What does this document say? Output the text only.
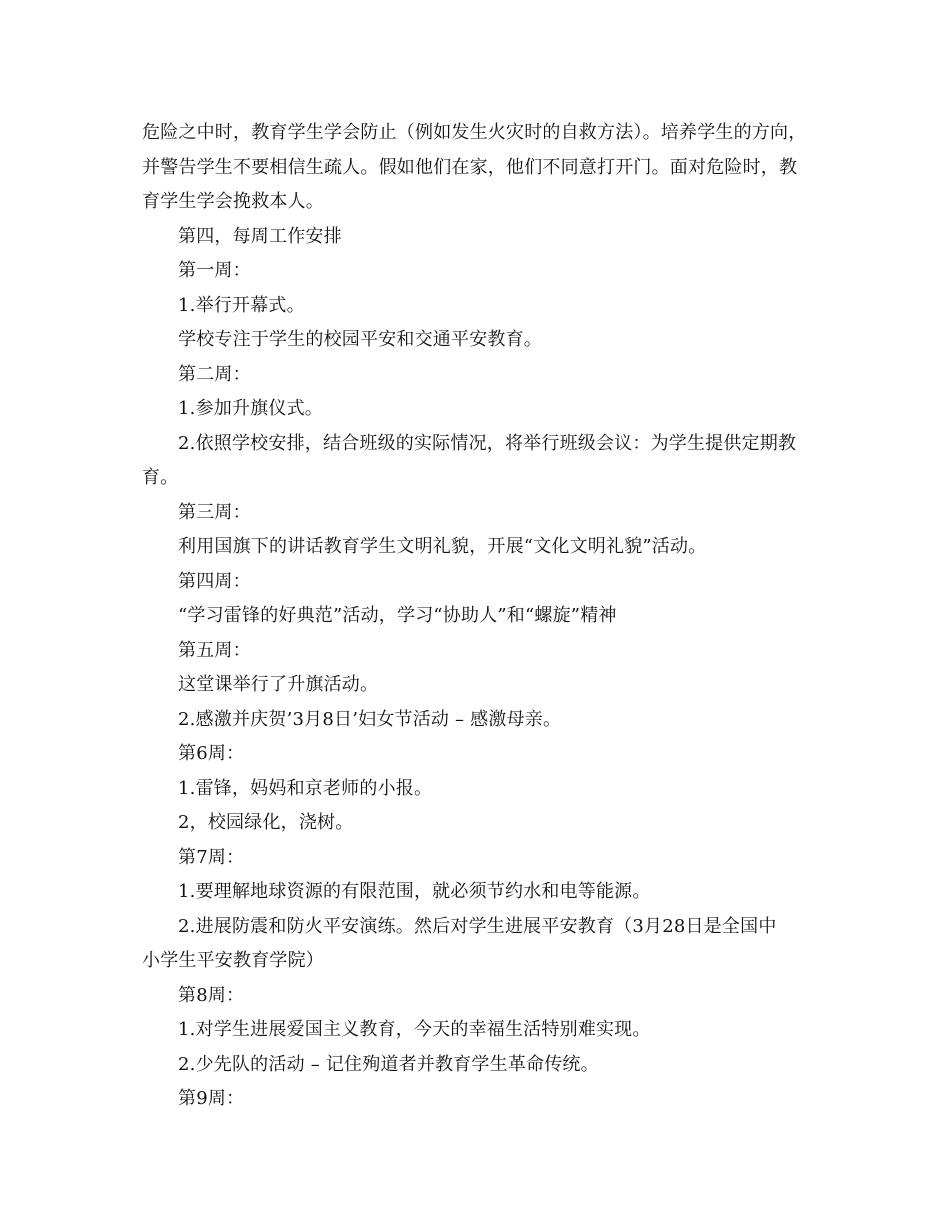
危险之中时，教育学生学会防止（例如发生火灾时的自救方法）。培养学生的方向，
并警告学生不要相信生疏人。假如他们在家，他们不同意打开门。面对危险时，教
育学生学会挽救本人。
第四，每周工作安排
第一周：
1.举行开幕式。
学校专注于学生的校园平安和交通平安教育。
第二周：
1.参加升旗仪式。
2.依照学校安排，结合班级的实际情况，将举行班级会议：为学生提供定期教
育。
第三周：
利用国旗下的讲话教育学生文明礼貌，开展“文化文明礼貌”活动。
第四周：
“学习雷锋的好典范”活动，学习“协助人”和“螺旋”精神
第五周：
这堂课举行了升旗活动。
2.感激并庆贺’3月8日’妇女节活动 – 感激母亲。
第6周：
1.雷锋，妈妈和京老师的小报。
2，校园绿化，浇树。
第7周：
1.要理解地球资源的有限范围，就必须节约水和电等能源。
2.进展防震和防火平安演练。然后对学生进展平安教育（3月28日是全国中
小学生平安教育学院）
第8周：
1.对学生进展爱国主义教育，今天的幸福生活特别难实现。
2.少先队的活动 – 记住殉道者并教育学生革命传统。
第9周：
